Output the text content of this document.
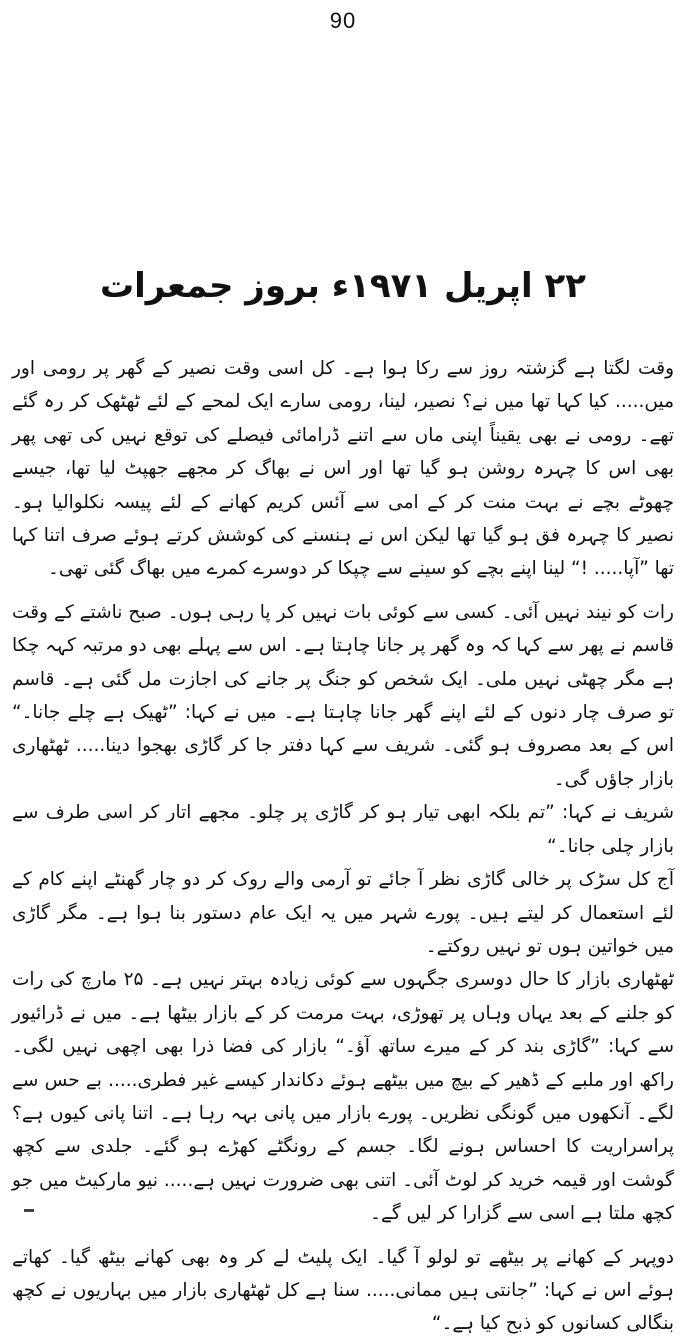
90
۲۲ اپریل ۱۹۷۱ء بروز جمعرات

وقت لگتا ہے گزشتہ روز سے رکا ہوا ہے۔ کل اسی وقت نصیر کے گھر پر رومی اور میں..... کیا کہا تھا میں نے؟ نصیر، لینا، رومی سارے ایک لمحے کے لئے ٹھٹھک کر رہ گئے تھے۔ رومی نے بھی یقیناً اپنی ماں سے اتنے ڈرامائی فیصلے کی توقع نہیں کی تھی پھر بھی اس کا چہرہ روشن ہو گیا تھا اور اس نے بھاگ کر مجھے جھپٹ لیا تھا، جیسے چھوٹے بچے نے بہت منت کر کے امی سے آئس کریم کھانے کے لئے پیسہ نکلوالیا ہو۔ نصیر کا چہرہ فق ہو گیا تھا لیکن اس نے ہنسنے کی کوشش کرتے ہوئے صرف اتنا کہا تھا ”آپا..... !“ لینا اپنے بچے کو سینے سے چپکا کر دوسرے کمرے میں بھاگ گئی تھی۔

رات کو نیند نہیں آئی۔ کسی سے کوئی بات نہیں کر پا رہی ہوں۔ صبح ناشتے کے وقت قاسم نے پھر سے کہا کہ وہ گھر پر جانا چاہتا ہے۔ اس سے پہلے بھی دو مرتبہ کہہ چکا ہے مگر چھٹی نہیں ملی۔ ایک شخص کو جنگ پر جانے کی اجازت مل گئی ہے۔ قاسم تو صرف چار دنوں کے لئے اپنے گھر جانا چاہتا ہے۔ میں نے کہا: ”ٹھیک ہے چلے جانا۔“ اس کے بعد مصروف ہو گئی۔ شریف سے کہا دفتر جا کر گاڑی بھجوا دینا..... ٹھٹھاری بازار جاؤں گی۔

شریف نے کہا: ”تم بلکہ ابھی تیار ہو کر گاڑی پر چلو۔ مجھے اتار کر اسی طرف سے بازار چلی جانا۔“

آج کل سڑک پر خالی گاڑی نظر آ جائے تو آرمی والے روک کر دو چار گھنٹے اپنے کام کے لئے استعمال کر لیتے ہیں۔ پورے شہر میں یہ ایک عام دستور بنا ہوا ہے۔ مگر گاڑی میں خواتین ہوں تو نہیں روکتے۔

ٹھٹھاری بازار کا حال دوسری جگہوں سے کوئی زیادہ بہتر نہیں ہے۔ ۲۵ مارچ کی رات کو جلنے کے بعد یہاں وہاں پر تھوڑی، بہت مرمت کر کے بازار بیٹھا ہے۔ میں نے ڈرائیور سے کہا: ”گاڑی بند کر کے میرے ساتھ آؤ۔“ بازار کی فضا ذرا بھی اچھی نہیں لگی۔ راکھ اور ملبے کے ڈھیر کے بیچ میں بیٹھے ہوئے دکاندار کیسے غیر فطری..... بے حس سے لگے۔ آنکھوں میں گونگی نظریں۔ پورے بازار میں پانی بہہ رہا ہے۔ اتنا پانی کیوں ہے؟ پراسراریت کا احساس ہونے لگا۔ جسم کے رونگٹے کھڑے ہو گئے۔ جلدی سے کچھ گوشت اور قیمہ خرید کر لوٹ آئی۔ اتنی بھی ضرورت نہیں ہے..... نیو مارکیٹ میں جو کچھ ملتا ہے اسی سے گزارا کر لیں گے۔

دوپہر کے کھانے پر بیٹھے تو لولو آ گیا۔ ایک پلیٹ لے کر وہ بھی کھانے بیٹھ گیا۔ کھاتے ہوئے اس نے کہا: ”جانتی ہیں ممانی..... سنا ہے کل ٹھٹھاری بازار میں بہاریوں نے کچھ بنگالی کسانوں کو ذبح کیا ہے۔“
